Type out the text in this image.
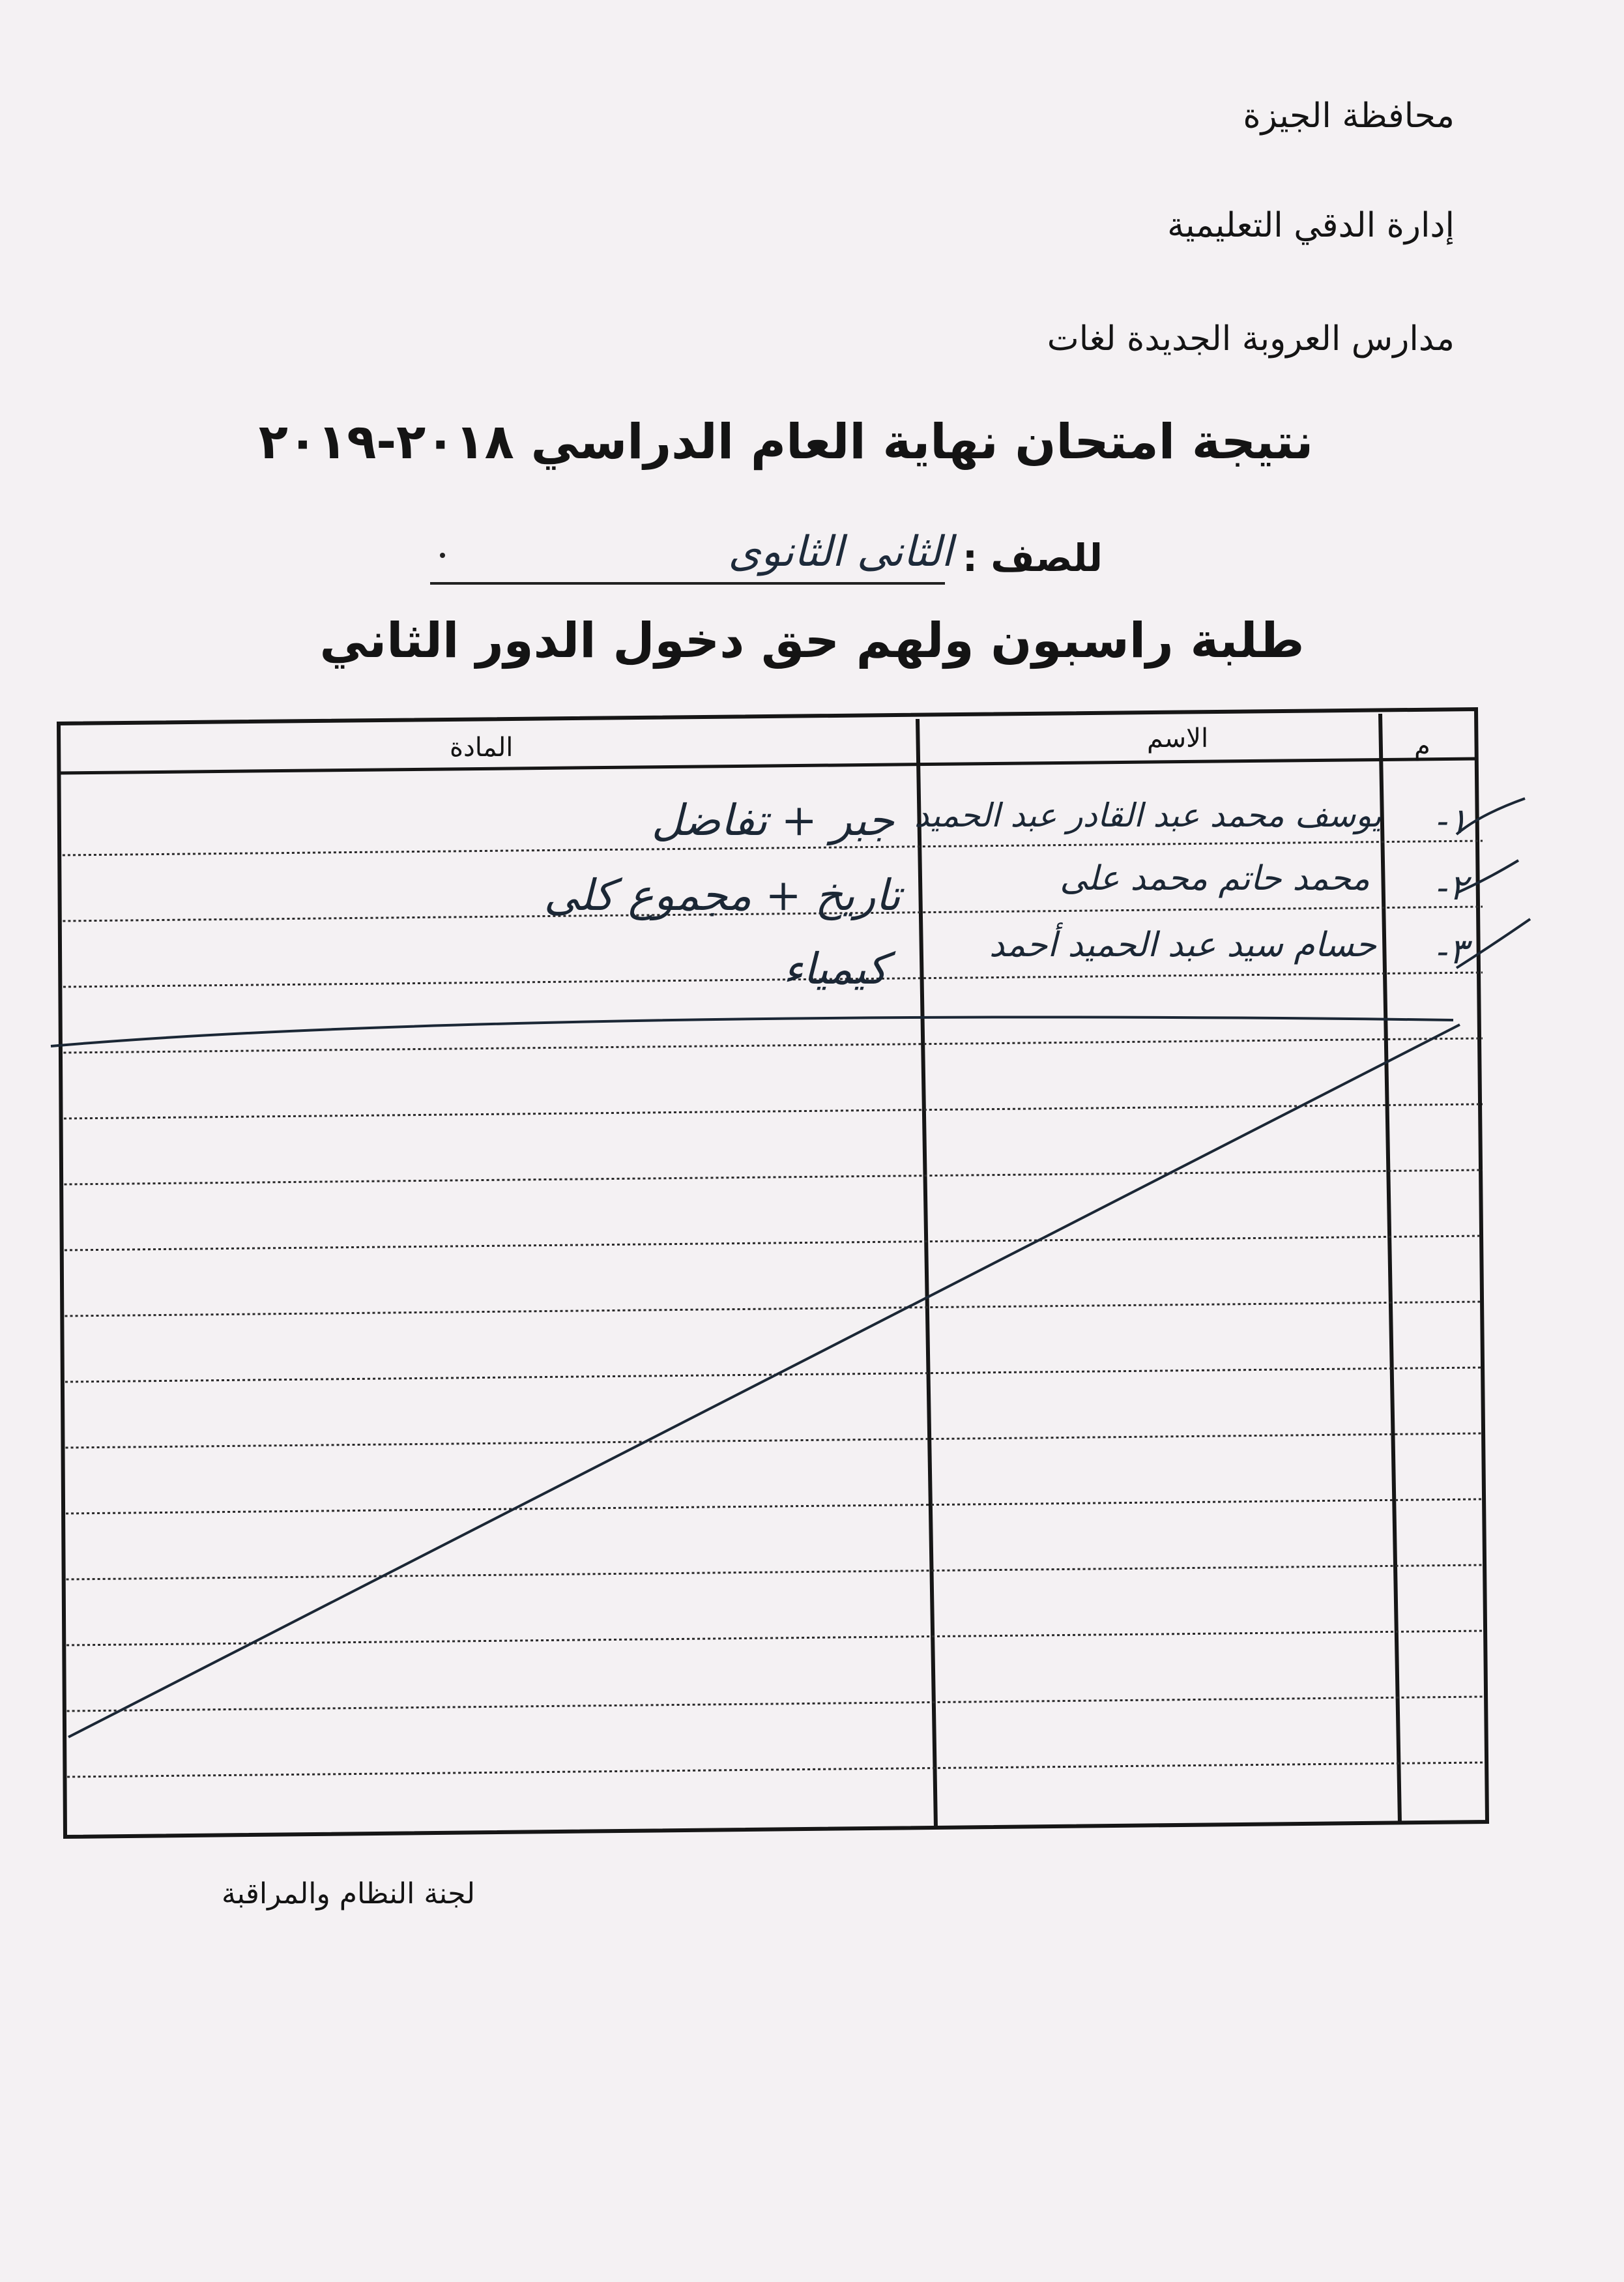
محافظة الجيزة
إدارة الدقي التعليمية
مدارس العروبة الجديدة لغات
نتيجة امتحان نهاية العام الدراسي ٢٠١٨-٢٠١٩
للصف :
الثانى الثانوى
طلبة راسبون ولهم حق دخول الدور الثاني
م
الاسم
المادة
١-
يوسف محمد عبد القادر عبد الحميد
جبر + تفاضل
٢-
محمد حاتم محمد على
تاريخ + مجموع كلى
٣-
حسام سيد عبد الحميد أحمد
كيمياء
لجنة النظام والمراقبة
